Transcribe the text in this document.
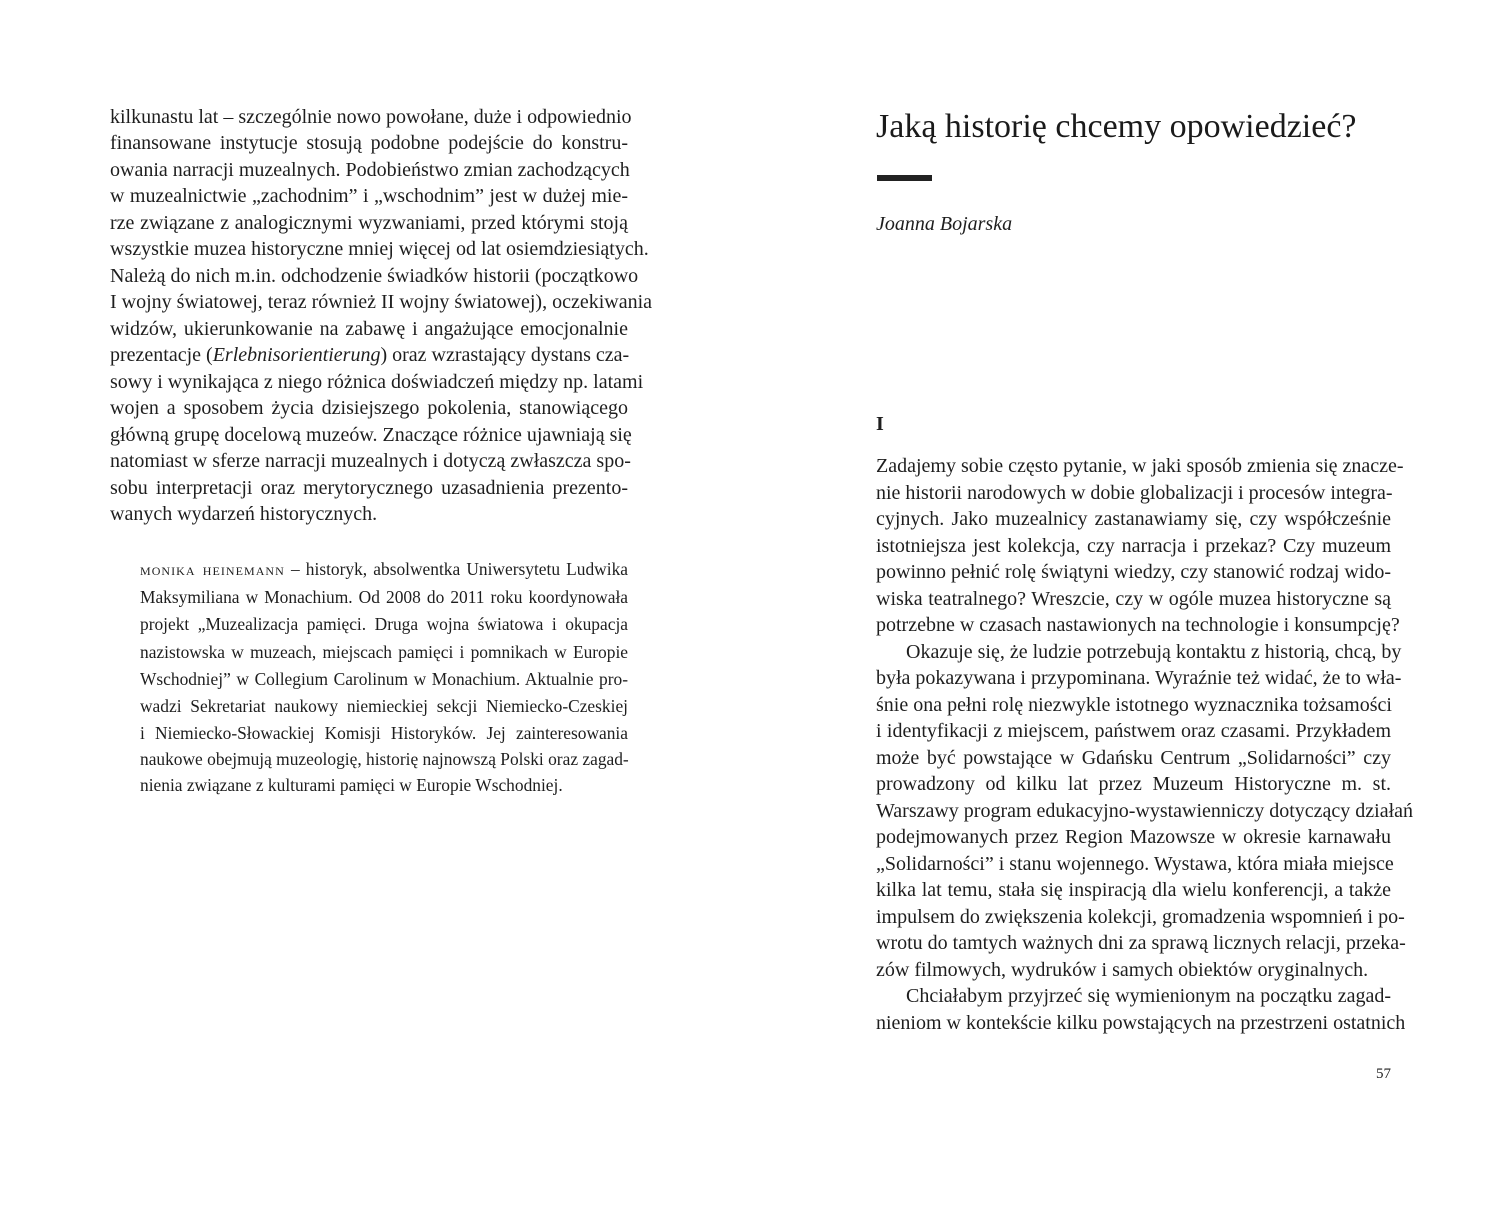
kilkunastu lat – szczególnie nowo powołane, duże i odpowiednio

finansowane instytucje stosują podobne podejście do konstru-

owania narracji muzealnych. Podobieństwo zmian zachodzących

w muzealnictwie „zachodnim” i „wschodnim” jest w dużej mie-

rze związane z analogicznymi wyzwaniami, przed którymi stoją

wszystkie muzea historyczne mniej więcej od lat osiemdziesiątych.

Należą do nich m.in. odchodzenie świadków historii (początkowo

I wojny światowej, teraz również II wojny światowej), oczekiwania

widzów, ukierunkowanie na zabawę i angażujące emocjonalnie

prezentacje (Erlebnisorientierung) oraz wzrastający dystans cza-

sowy i wynikająca z niego różnica doświadczeń między np. latami

wojen a sposobem życia dzisiejszego pokolenia, stanowiącego

główną grupę docelową muzeów. Znaczące różnice ujawniają się

natomiast w sferze narracji muzealnych i dotyczą zwłaszcza spo-

sobu interpretacji oraz merytorycznego uzasadnienia prezento-

wanych wydarzeń historycznych.

monika heinemann – historyk, absolwentka Uniwersytetu Ludwika

Maksymiliana w Monachium. Od 2008 do 2011 roku koordynowała

projekt „Muzealizacja pamięci. Druga wojna światowa i okupacja

nazistowska w muzeach, miejscach pamięci i pomnikach w Europie

Wschodniej” w Collegium Carolinum w Monachium. Aktualnie pro-

wadzi Sekretariat naukowy niemieckiej sekcji Niemiecko-Czeskiej

i Niemiecko-Słowackiej Komisji Historyków. Jej zainteresowania

naukowe obejmują muzeologię, historię najnowszą Polski oraz zagad-

nienia związane z kulturami pamięci w Europie Wschodniej.

Jaką historię chcemy opowiedzieć?
Joanna Bojarska
I

Zadajemy sobie często pytanie, w jaki sposób zmienia się znacze-

nie historii narodowych w dobie globalizacji i procesów integra-

cyjnych. Jako muzealnicy zastanawiamy się, czy współcześnie

istotniejsza jest kolekcja, czy narracja i przekaz? Czy muzeum

powinno pełnić rolę świątyni wiedzy, czy stanowić rodzaj wido-

wiska teatralnego? Wreszcie, czy w ogóle muzea historyczne są

potrzebne w czasach nastawionych na technologie i konsumpcję?

Okazuje się, że ludzie potrzebują kontaktu z historią, chcą, by

była pokazywana i przypominana. Wyraźnie też widać, że to wła-

śnie ona pełni rolę niezwykle istotnego wyznacznika tożsamości

i identyfikacji z miejscem, państwem oraz czasami. Przykładem

może być powstające w Gdańsku Centrum „Solidarności” czy

prowadzony od kilku lat przez Muzeum Historyczne m. st.

Warszawy program edukacyjno-wystawienniczy dotyczący działań

podejmowanych przez Region Mazowsze w okresie karnawału

„Solidarności” i stanu wojennego. Wystawa, która miała miejsce

kilka lat temu, stała się inspiracją dla wielu konferencji, a także

impulsem do zwiększenia kolekcji, gromadzenia wspomnień i po-

wrotu do tamtych ważnych dni za sprawą licznych relacji, przeka-

zów filmowych, wydruków i samych obiektów oryginalnych.

Chciałabym przyjrzeć się wymienionym na początku zagad-

nieniom w kontekście kilku powstających na przestrzeni ostatnich

57
